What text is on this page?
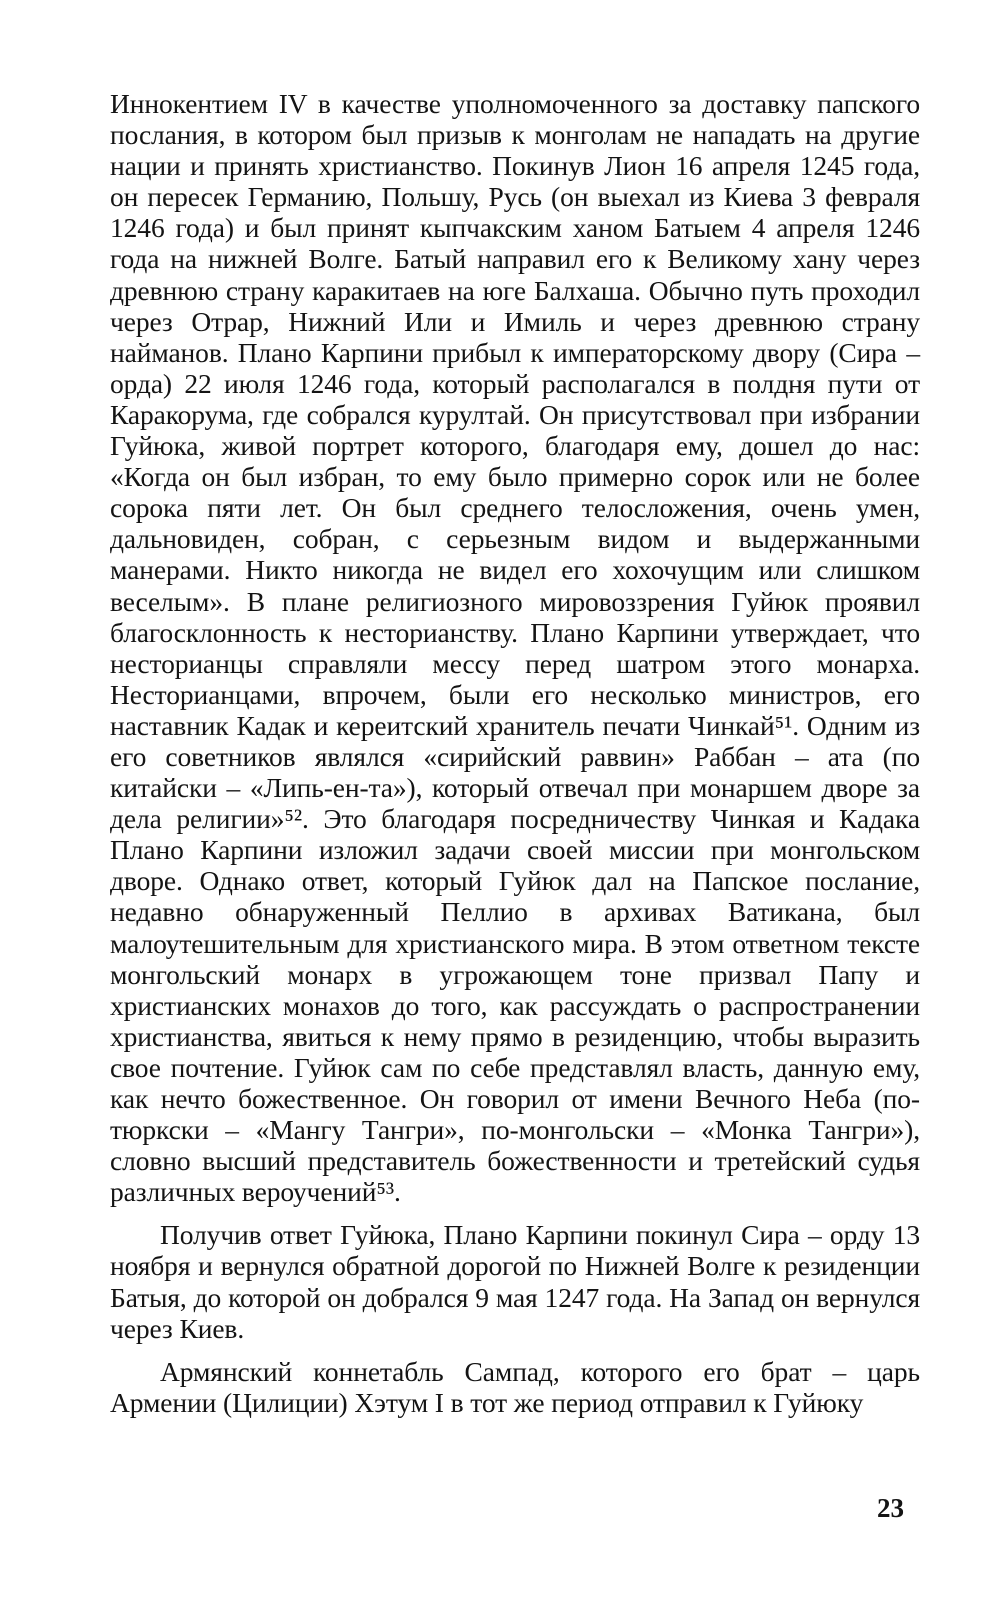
Иннокентием IV в качестве уполномоченного за доставку папского послания, в котором был призыв к монголам не нападать на другие нации и принять христианство. Покинув Лион 16 апреля 1245 года, он пересек Германию, Польшу, Русь (он выехал из Киева 3 февраля 1246 года) и был принят кыпчакским ханом Батыем 4 апреля 1246 года на нижней Волге. Батый направил его к Великому хану через древнюю страну каракитаев на юге Балхаша. Обычно путь проходил через Отрар, Нижний Или и Имиль и через древнюю страну найманов. Плано Карпини прибыл к императорскому двору (Сира – орда) 22 июля 1246 года, который располагался в полдня пути от Каракорума, где собрался курултай. Он присутствовал при избрании Гуйюка, живой портрет которого, благодаря ему, дошел до нас: «Когда он был избран, то ему было примерно сорок или не более сорока пяти лет. Он был среднего телосложения, очень умен, дальновиден, собран, с серьезным видом и выдержанными манерами. Никто никогда не видел его хохочущим или слишком веселым». В плане религиозного мировоззрения Гуйюк проявил благосклонность к несторианству. Плано Карпини утверждает, что несторианцы справляли мессу перед шатром этого монарха. Несторианцами, впрочем, были его несколько министров, его наставник Кадак и кереитский хранитель печати Чинкай⁵¹. Одним из его советников являлся «сирийский раввин» Раббан – ата (по китайски – «Липь-ен-та»), который отвечал при монаршем дворе за дела религии»⁵². Это благодаря посредничеству Чинкая и Кадака Плано Карпини изложил задачи своей миссии при монгольском дворе. Однако ответ, который Гуйюк дал на Папское послание, недавно обнаруженный Пеллио в архивах Ватикана, был малоутешительным для христианского мира. В этом ответном тексте монгольский монарх в угрожающем тоне призвал Папу и христианских монахов до того, как рассуждать о распространении христианства, явиться к нему прямо в резиденцию, чтобы выразить свое почтение. Гуйюк сам по себе представлял власть, данную ему, как нечто божественное. Он говорил от имени Вечного Неба (по-тюркски – «Мангу Тангри», по-монгольски – «Монка Тангри»), словно высший представитель божественности и третейский судья различных вероучений⁵³.

Получив ответ Гуйюка, Плано Карпини покинул Сира – орду 13 ноября и вернулся обратной дорогой по Нижней Волге к резиденции Батыя, до которой он добрался 9 мая 1247 года. На Запад он вернулся через Киев.

Армянский коннетабль Сампад, которого его брат – царь Армении (Цилиции) Хэтум I в тот же период отправил к Гуйюку

23
